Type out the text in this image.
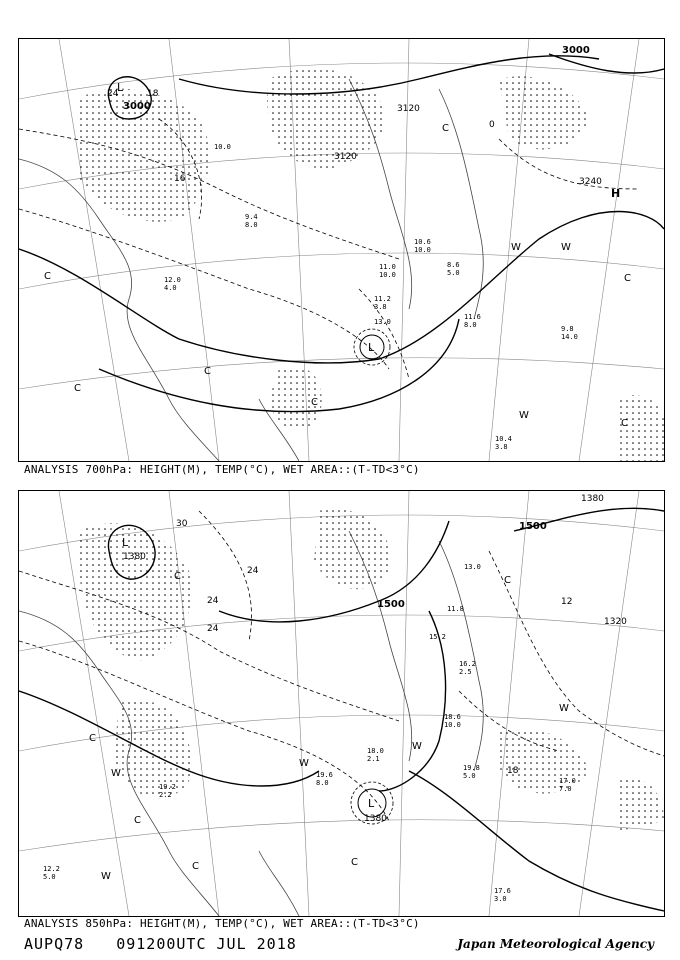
3000	3120
3000
3240
3120
24	18
16
0
L
H
L
C
C
C
C
C
W	W
W
C
C
11.2
3.8
11.6
8.0	9.8
14.0
10.4
3.8
10.6
10.0
11.0
10.0
8.6
5.0
12.0
4.0
13.0
9.4
8.0
10.0
ANALYSIS 700hPa: HEIGHT(M), TEMP(°C), WET AREA::(T-TD<3°C)
1380
1500
1500
1380
1320
1380
30
24
24
24
18
12
L
L
C
W
C
C
C	C
C
W
W
W
W
18.0
2.1
17.0
7.0
19.8
5.0
19.6
8.0
18.6
10.0
16.2
2.5
11.8
13.0
15.2
19.2
2.2
12.2
5.0
17.6
3.0
ANALYSIS 850hPa: HEIGHT(M), TEMP(°C), WET AREA::(T-TD<3°C)
AUPQ78 091200UTC JUL 2018	Japan Meteorological Agency
